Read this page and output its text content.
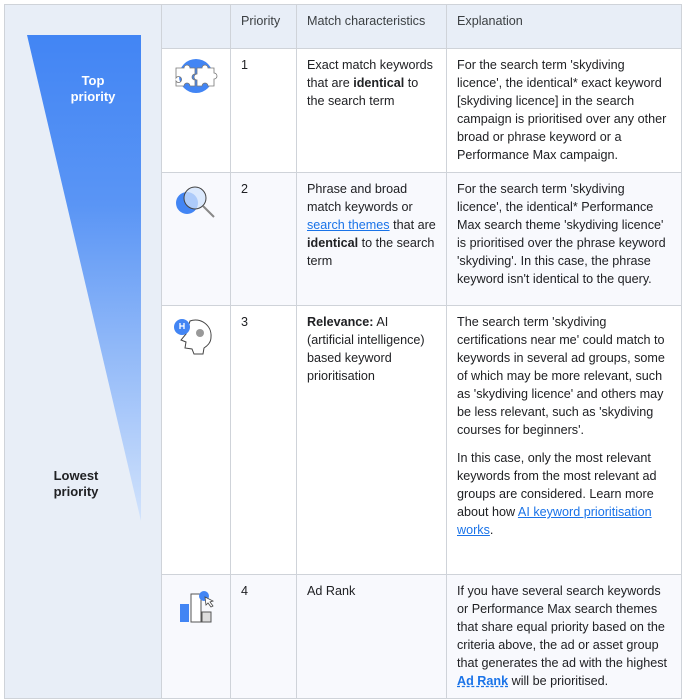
Top priority
Lowest priority		Priority	Match characteristics	Explanation

	1	Exact match keywords that are identical to the search term	For the search term 'skydiving licence', the identical* exact keyword [skydiving licence] in the search campaign is prioritised over any other broad or phrase keyword or a Performance Max campaign.

	2	Phrase and broad match keywords or search themes that are identical to the search term	For the search term 'skydiving licence', the identical* Performance Max search theme 'skydiving licence' is prioritised over the phrase keyword 'skydiving'. In this case, the phrase keyword isn't identical to the query.

	3	Relevance: AI (artificial intelligence) based keyword prioritisation	The search term 'skydiving certifications near me' could match to keywords in several ad groups, some of which may be more relevant, such as 'skydiving licence' and others may be less relevant, such as 'skydiving courses for beginners'.

In this case, only the most relevant keywords from the most relevant ad groups are considered. Learn more about how AI keyword prioritisation works.

	4	Ad Rank	If you have several search keywords or Performance Max search themes that share equal priority based on the criteria above, the ad or asset group that generates the ad with the highest Ad Rank will be prioritised.
